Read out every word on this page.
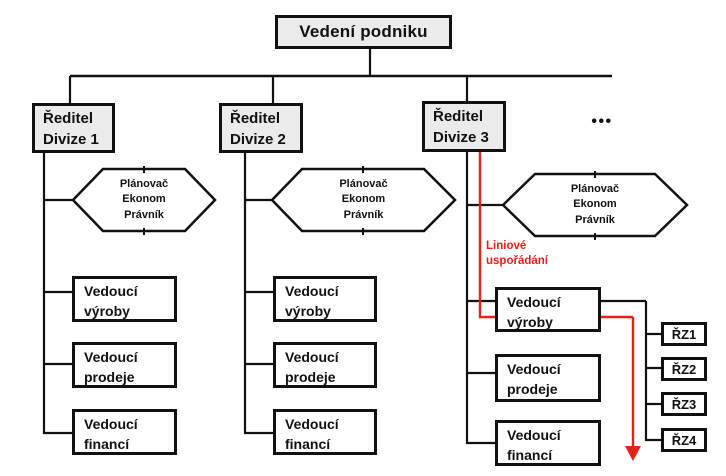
Vedení podniku
•••
Ředitel
Divize 1
Plánovač
Ekonom
Právník
Vedoucí
výroby
Vedoucí
prodeje
Vedoucí
financí
Ředitel
Divize 2
Plánovač
Ekonom
Právník
Vedoucí
výroby
Vedoucí
prodeje
Vedoucí
financí
Ředitel
Divize 3
Plánovač
Ekonom
Právník
Liniové
uspořádání
Vedoucí
výroby
Vedoucí
prodeje
Vedoucí
financí
ŘZ1
ŘZ2
ŘZ3
ŘZ4
